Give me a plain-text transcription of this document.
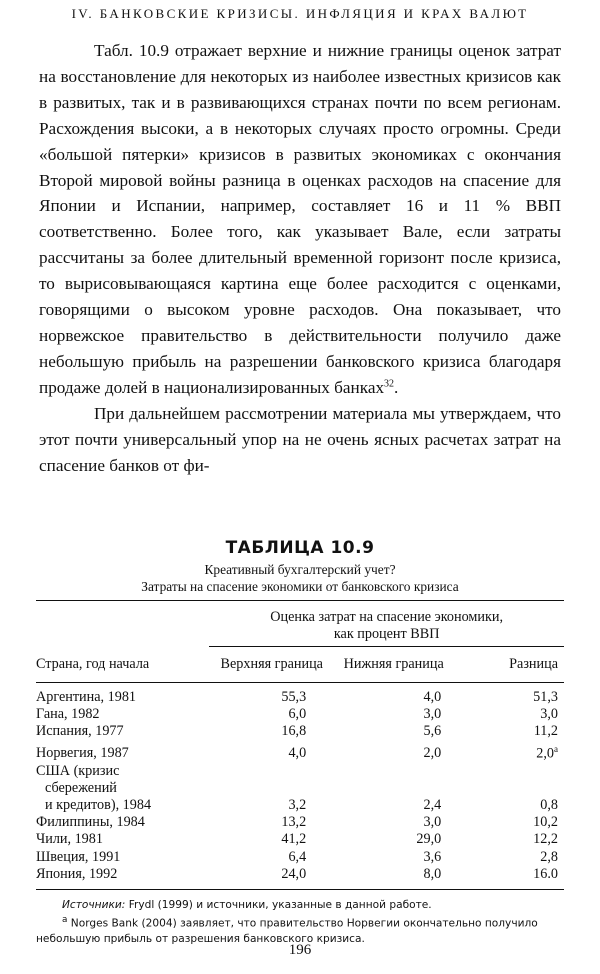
IV. БАНКОВСКИЕ КРИЗИСЫ. ИНФЛЯЦИЯ И КРАХ ВАЛЮТ

Табл. 10.9 отражает верхние и нижние границы оценок затрат на восстановление для некоторых из наиболее известных кризисов как в развитых, так и в развивающихся странах почти по всем регионам. Расхождения высоки, а в некоторых случаях просто огромны. Среди «большой пятерки» кризисов в развитых экономиках с окончания Второй мировой войны разница в оценках расходов на спасение для Японии и Испании, например, составляет 16 и 11 % ВВП соответственно. Более того, как указывает Вале, если затраты рассчитаны за более длительный временной горизонт после кризиса, то вырисовывающаяся картина еще более расходится с оценками, говорящими о высоком уровне расходов. Она показывает, что норвежское правительство в действительности получило даже небольшую прибыль на разрешении банковского кризиса благодаря продаже долей в национализированных банках$^{32}$.

При дальнейшем рассмотрении материала мы утверждаем, что этот почти универсальный упор на не очень ясных расчетах затрат на спасение банков от фи-

ТАБЛИЦА 10.9
Креативный бухгалтерский учет?
Затраты на спасение экономики от банковского кризиса

	Оценка затрат на спасение экономики,
как процент ВВП		

Страна, год начала	Верхняя граница	Нижняя граница	Разница

Аргентина, 1981	55,3	4,0	51,3
Гана, 1982	6,0	3,0	3,0
Испания, 1977	16,8	5,6	11,2
Норвегия, 1987	4,0	2,0	2,0$^a$
США (кризис			
сбережений			
и кредитов), 1984	3,2	2,4	0,8
Филиппины, 1984	13,2	3,0	10,2
Чили, 1981	41,2	29,0	12,2
Швеция, 1991	6,4	3,6	2,8
Япония, 1992	24,0	8,0	16.0
Источники: Frydl (1999) и источники, указанные в данной работе.
$^a$ Norges Bank (2004) заявляет, что правительство Норвегии окончательно получило небольшую прибыль от разрешения банковского кризиса.
196
